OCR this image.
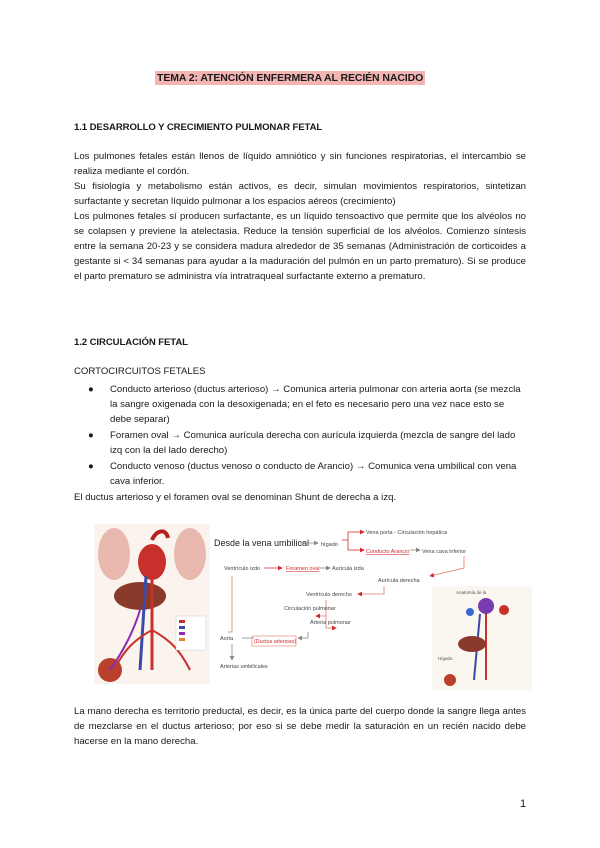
TEMA 2: ATENCIÓN ENFERMERA AL RECIÉN NACIDO
1.1 DESARROLLO Y CRECIMIENTO PULMONAR FETAL

Los pulmones fetales están llenos de líquido amniótico y sin funciones respiratorias, el intercambio se realiza mediante el cordón.

Su fisiología y metabolismo están activos, es decir, simulan movimientos respiratorios, sintetizan surfactante y secretan líquido pulmonar a los espacios aéreos (crecimiento)

Los pulmones fetales sí producen surfactante, es un líquido tensoactivo que permite que los alvéolos no se colapsen y previene la atelectasia. Reduce la tensión superficial de los alvéolos. Comienzo síntesis entre la semana 20-23 y se considera madura alrededor de 35 semanas (Administración de corticoides a gestante si < 34 semanas para ayudar a la maduración del pulmón en un parto prematuro). Si se produce el parto prematuro se administra vía intratraqueal surfactante externo a prematuro.

1.2 CIRCULACIÓN FETAL
CORTOCIRCUITOS FETALES
● Conducto arterioso (ductus arterioso) → Comunica arteria pulmonar con arteria aorta (se mezcla la sangre oxigenada con la desoxigenada; en el feto es necesario pero una vez nace esto se debe separar)
● Foramen oval → Comunica aurícula derecha con aurícula izquierda (mezcla de sangre del lado izq con la del lado derecho)
● Conducto venoso (ductus venoso o conducto de Arancio) → Comunica vena umbilical con vena cava inferior.
El ductus arterioso y el foramen oval se denominan Shunt de derecha a izq.
Desde la vena umbilical hígado
Vena porta - Circulación hepática
Conducto Arancio Vena cava inferior
Aurícula derecha
Ventrículo izdo	Foramen oval Aurícula izda
Ventrículo derecho
Circulación pulmonar
Arteria pulmonar
Aorta	(Ductus arterioso)
Arterias umbilicales
Anatomía de la
Hígado
La mano derecha es territorio preductal, es decir, es la única parte del cuerpo donde la sangre llega antes de mezclarse en el ductus arterioso; por eso si se debe medir la saturación en un recién nacido debe hacerse en la mano derecha.
1
